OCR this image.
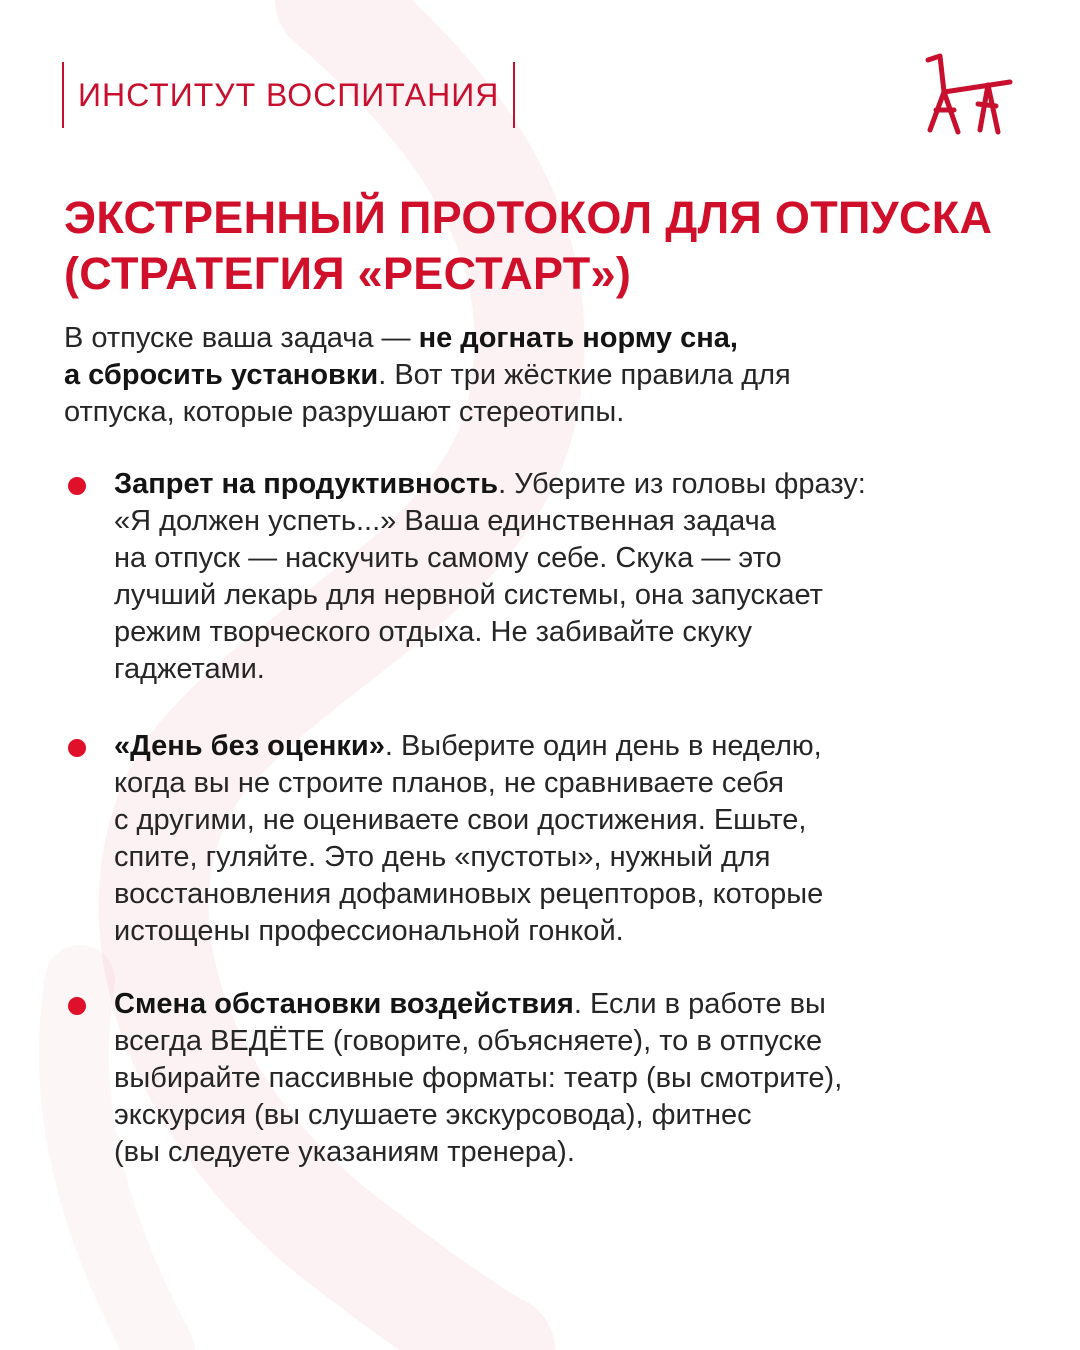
ИНСТИТУТ ВОСПИТАНИЯ
ЭКСТРЕННЫЙ ПРОТОКОЛ ДЛЯ ОТПУСКА
(СТРАТЕГИЯ «РЕСТАРТ»)

В отпуске ваша задача — не догнать норму сна,
а сбросить установки. Вот три жёсткие правила для
отпуска, которые разрушают стереотипы.

Запрет на продуктивность. Уберите из головы фразу:
«Я должен успеть...» Ваша единственная задача
на отпуск — наскучить самому себе. Скука — это
лучший лекарь для нервной системы, она запускает
режим творческого отдыха. Не забивайте скуку
гаджетами.

«День без оценки». Выберите один день в неделю,
когда вы не строите планов, не сравниваете себя
с другими, не оцениваете свои достижения. Ешьте,
спите, гуляйте. Это день «пустоты», нужный для
восстановления дофаминовых рецепторов, которые
истощены профессиональной гонкой.

Смена обстановки воздействия. Если в работе вы
всегда ВЕДЁТЕ (говорите, объясняете), то в отпуске
выбирайте пассивные форматы: театр (вы смотрите),
экскурсия (вы слушаете экскурсовода), фитнес
(вы следуете указаниям тренера).
